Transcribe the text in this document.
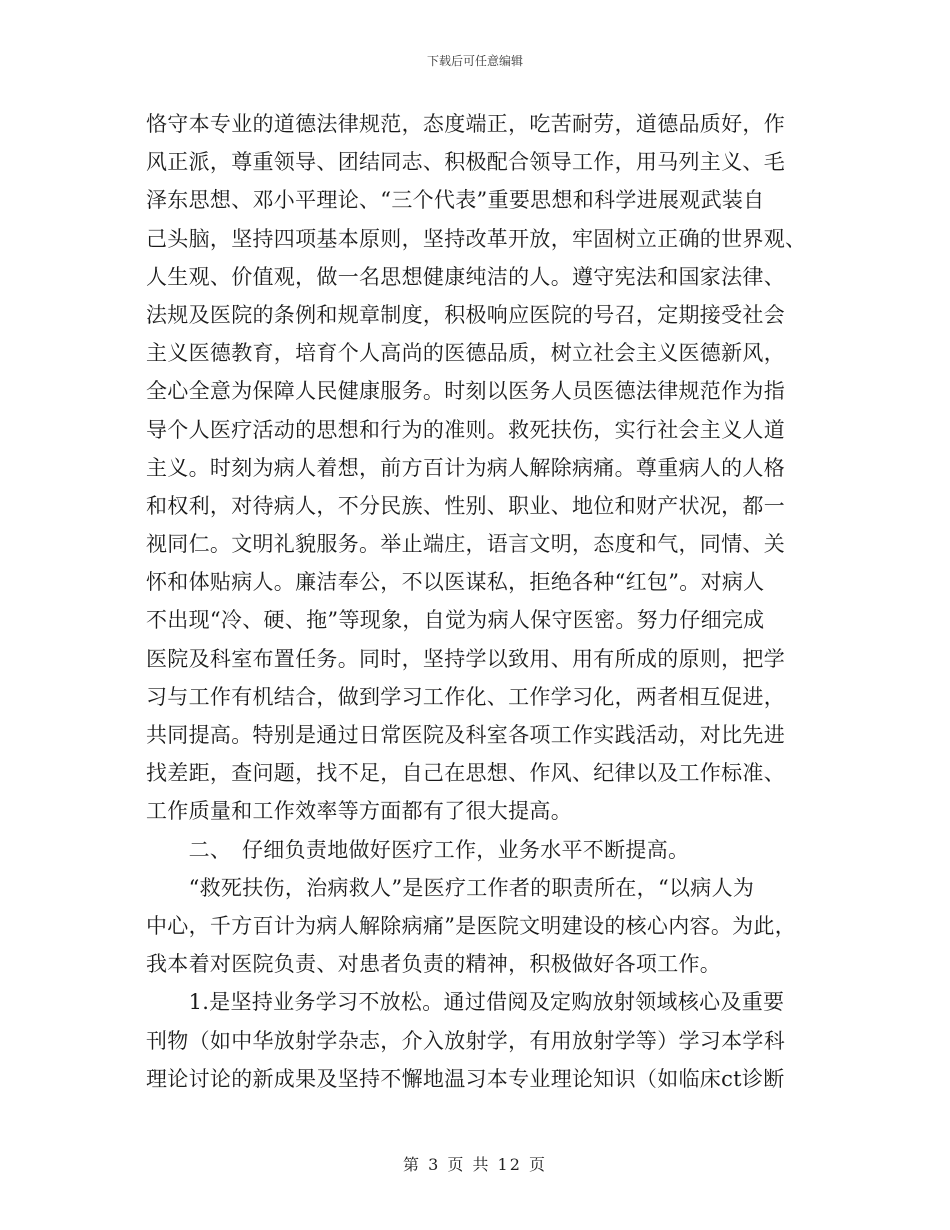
下载后可任意编辑
恪守本专业的道德法律规范，态度端正，吃苦耐劳，道德品质好，作
风正派，尊重领导、团结同志、积极配合领导工作，用马列主义、毛
泽东思想、邓小平理论、“三个代表”重要思想和科学进展观武装自
己头脑，坚持四项基本原则，坚持改革开放，牢固树立正确的世界观、
人生观、价值观，做一名思想健康纯洁的人。遵守宪法和国家法律、
法规及医院的条例和规章制度，积极响应医院的号召，定期接受社会
主义医德教育，培育个人高尚的医德品质，树立社会主义医德新风，
全心全意为保障人民健康服务。时刻以医务人员医德法律规范作为指
导个人医疗活动的思想和行为的准则。救死扶伤，实行社会主义人道
主义。时刻为病人着想，前方百计为病人解除病痛。尊重病人的人格
和权利，对待病人，不分民族、性别、职业、地位和财产状况，都一
视同仁。文明礼貌服务。举止端庄，语言文明，态度和气，同情、关
怀和体贴病人。廉洁奉公，不以医谋私，拒绝各种“红包”。对病人
不出现“冷、硬、拖”等现象，自觉为病人保守医密。努力仔细完成
医院及科室布置任务。同时，坚持学以致用、用有所成的原则，把学
习与工作有机结合，做到学习工作化、工作学习化，两者相互促进，
共同提高。特别是通过日常医院及科室各项工作实践活动，对比先进
找差距，查问题，找不足，自己在思想、作风、纪律以及工作标准、
工作质量和工作效率等方面都有了很大提高。
　　二、　仔细负责地做好医疗工作，业务水平不断提高。
　　“救死扶伤，治病救人”是医疗工作者的职责所在，“以病人为
中心，千方百计为病人解除病痛”是医院文明建设的核心内容。为此，
我本着对医院负责、对患者负责的精神，积极做好各项工作。
　　1.是坚持业务学习不放松。通过借阅及定购放射领域核心及重要
刊物（如中华放射学杂志，介入放射学，有用放射学等）学习本学科
理论讨论的新成果及坚持不懈地温习本专业理论知识（如临床ct诊断
第 3 页 共 12 页
